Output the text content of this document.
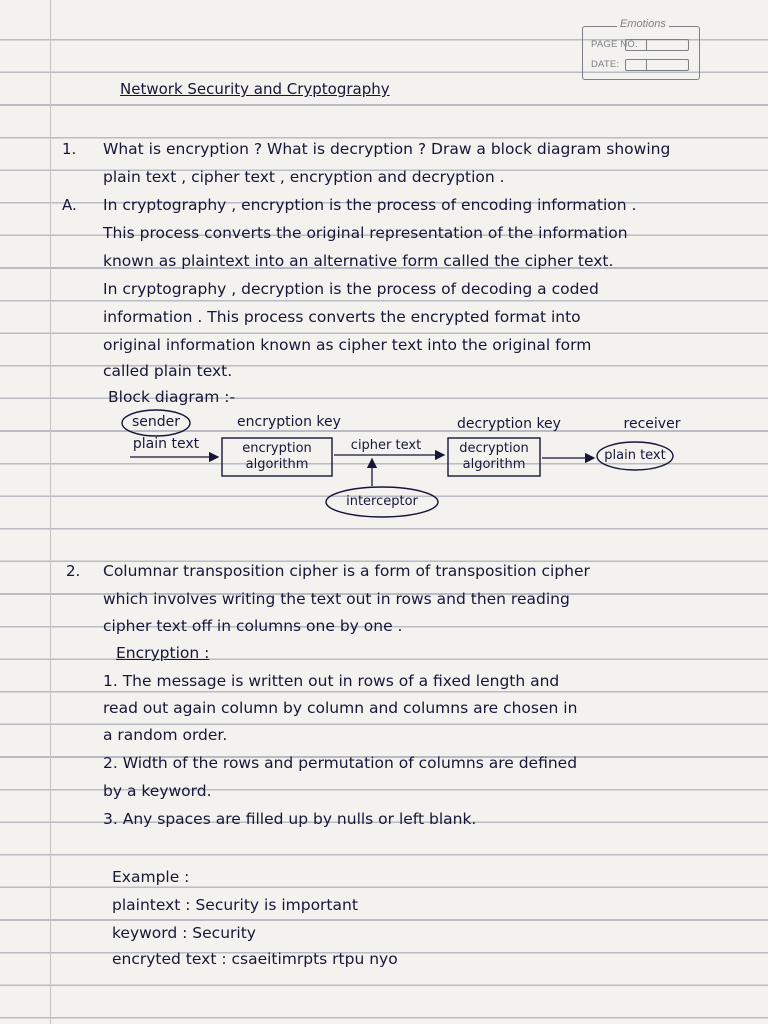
Emotions
PAGE NO.
DATE:
Network Security and Cryptography
1. What is encryption ? What is decryption ? Draw a block diagram showing
plain text , cipher text , encryption and decryption .
A. In cryptography , encryption is the process of encoding information .
This process converts the original representation of the information
known as plaintext into an alternative form called the cipher text.
In cryptography , decryption is the process of decoding a coded
information . This process converts the encrypted format into
original information known as cipher text into the original form
called plain text.
Block diagram :-
sender
plain text
encryption key
encryption
algorithm
cipher text
decryption key
decryption
algorithm
receiver
plain text
interceptor
2. Columnar transposition cipher is a form of transposition cipher
which involves writing the text out in rows and then reading
cipher text off in columns one by one .
Encryption :
1. The message is written out in rows of a fixed length and
read out again column by column and columns are chosen in
a random order.
2. Width of the rows and permutation of columns are defined
by a keyword.
3. Any spaces are filled up by nulls or left blank.
Example :
plaintext : Security is important
keyword : Security
encryted text : csaeitimrpts rtpu nyo
